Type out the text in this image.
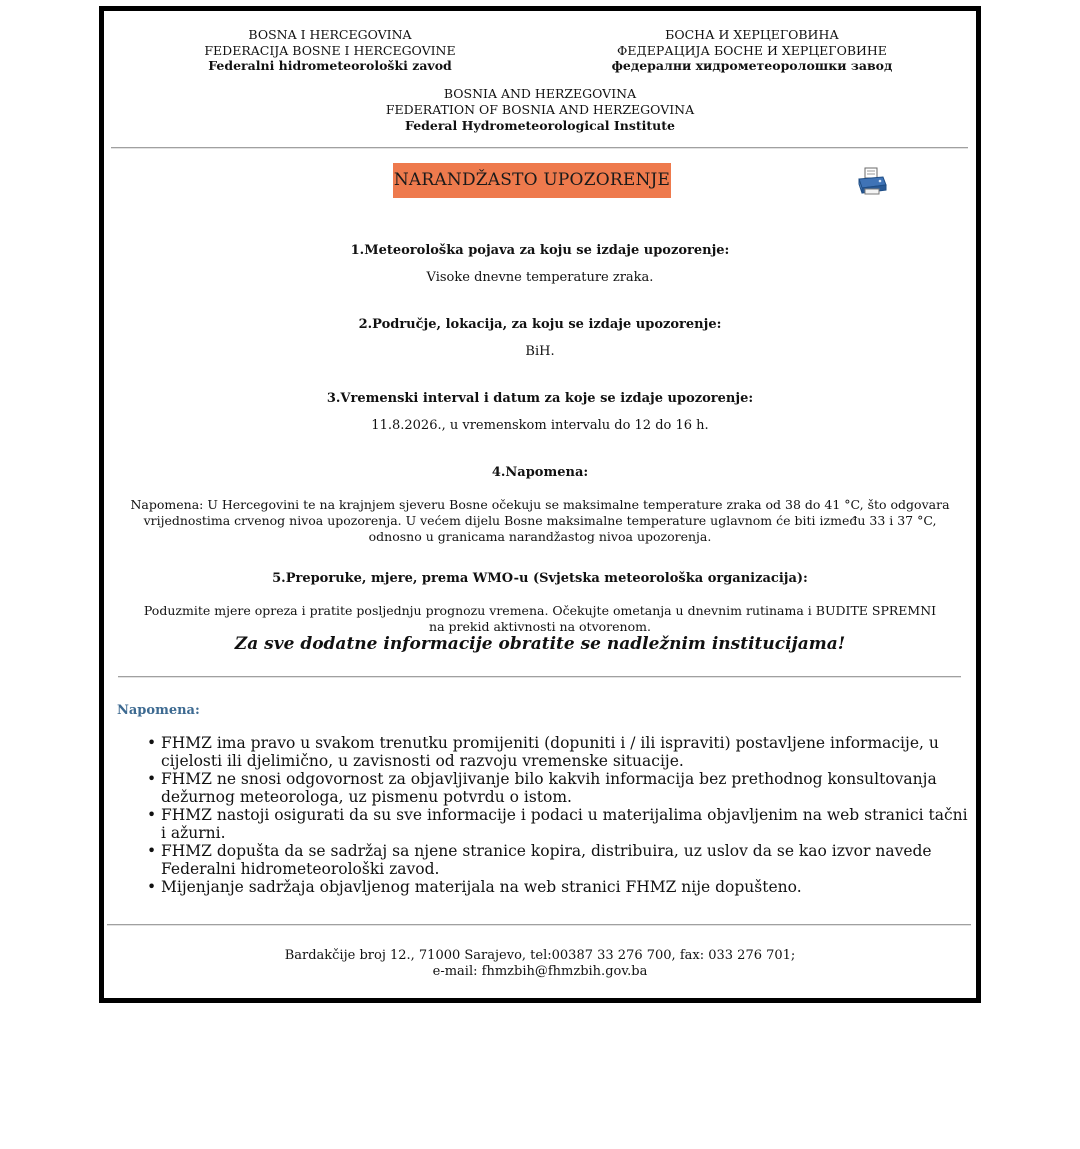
BOSNA I HERCEGOVINA
FEDERACIJA BOSNE I HERCEGOVINE
Federalni hidrometeorološki zavod
БОСНА И ХЕРЦЕГОВИНА
ФЕДЕРАЦИЈА БОСНЕ И ХЕРЦЕГОВИНЕ
федерални хидрометеоролошки завод
BOSNIA AND HERZEGOVINA
FEDERATION OF BOSNIA AND HERZEGOVINA
Federal Hydrometeorological Institute
NARANDŽASTO UPOZORENJE
1.Meteorološka pojava za koju se izdaje upozorenje:
Visoke dnevne temperature zraka.
2.Područje, lokacija, za koju se izdaje upozorenje:
BiH.
3.Vremenski interval i datum za koje se izdaje upozorenje:
11.8.2026., u vremenskom intervalu do 12 do 16 h.
4.Napomena:
Napomena: U Hercegovini te na krajnjem sjeveru Bosne očekuju se maksimalne temperature zraka od 38 do 41 °C, što odgovara vrijednostima crvenog nivoa upozorenja. U većem dijelu Bosne maksimalne temperature uglavnom će biti između 33 i 37 °C, odnosno u granicama narandžastog nivoa upozorenja.
5.Preporuke, mjere, prema WMO-u (Svjetska meteorološka organizacija):
Poduzmite mjere opreza i pratite posljednju prognozu vremena. Očekujte ometanja u dnevnim rutinama i BUDITE SPREMNI na prekid aktivnosti na otvorenom.
Za sve dodatne informacije obratite se nadležnim institucijama!
Napomena:
• FHMZ ima pravo u svakom trenutku promijeniti (dopuniti i / ili ispraviti) postavljene informacije, u cijelosti ili djelimično, u zavisnosti od razvoju vremenske situacije.
• FHMZ ne snosi odgovornost za objavljivanje bilo kakvih informacija bez prethodnog konsultovanja dežurnog meteorologa, uz pismenu potvrdu o istom.
• FHMZ nastoji osigurati da su sve informacije i podaci u materijalima objavljenim na web stranici tačni i ažurni.
• FHMZ dopušta da se sadržaj sa njene stranice kopira, distribuira, uz uslov da se kao izvor navede Federalni hidrometeorološki zavod.
• Mijenjanje sadržaja objavljenog materijala na web stranici FHMZ nije dopušteno.
Bardakčije broj 12., 71000 Sarajevo, tel:00387 33 276 700, fax: 033 276 701;
e-mail: fhmzbih@fhmzbih.gov.ba
